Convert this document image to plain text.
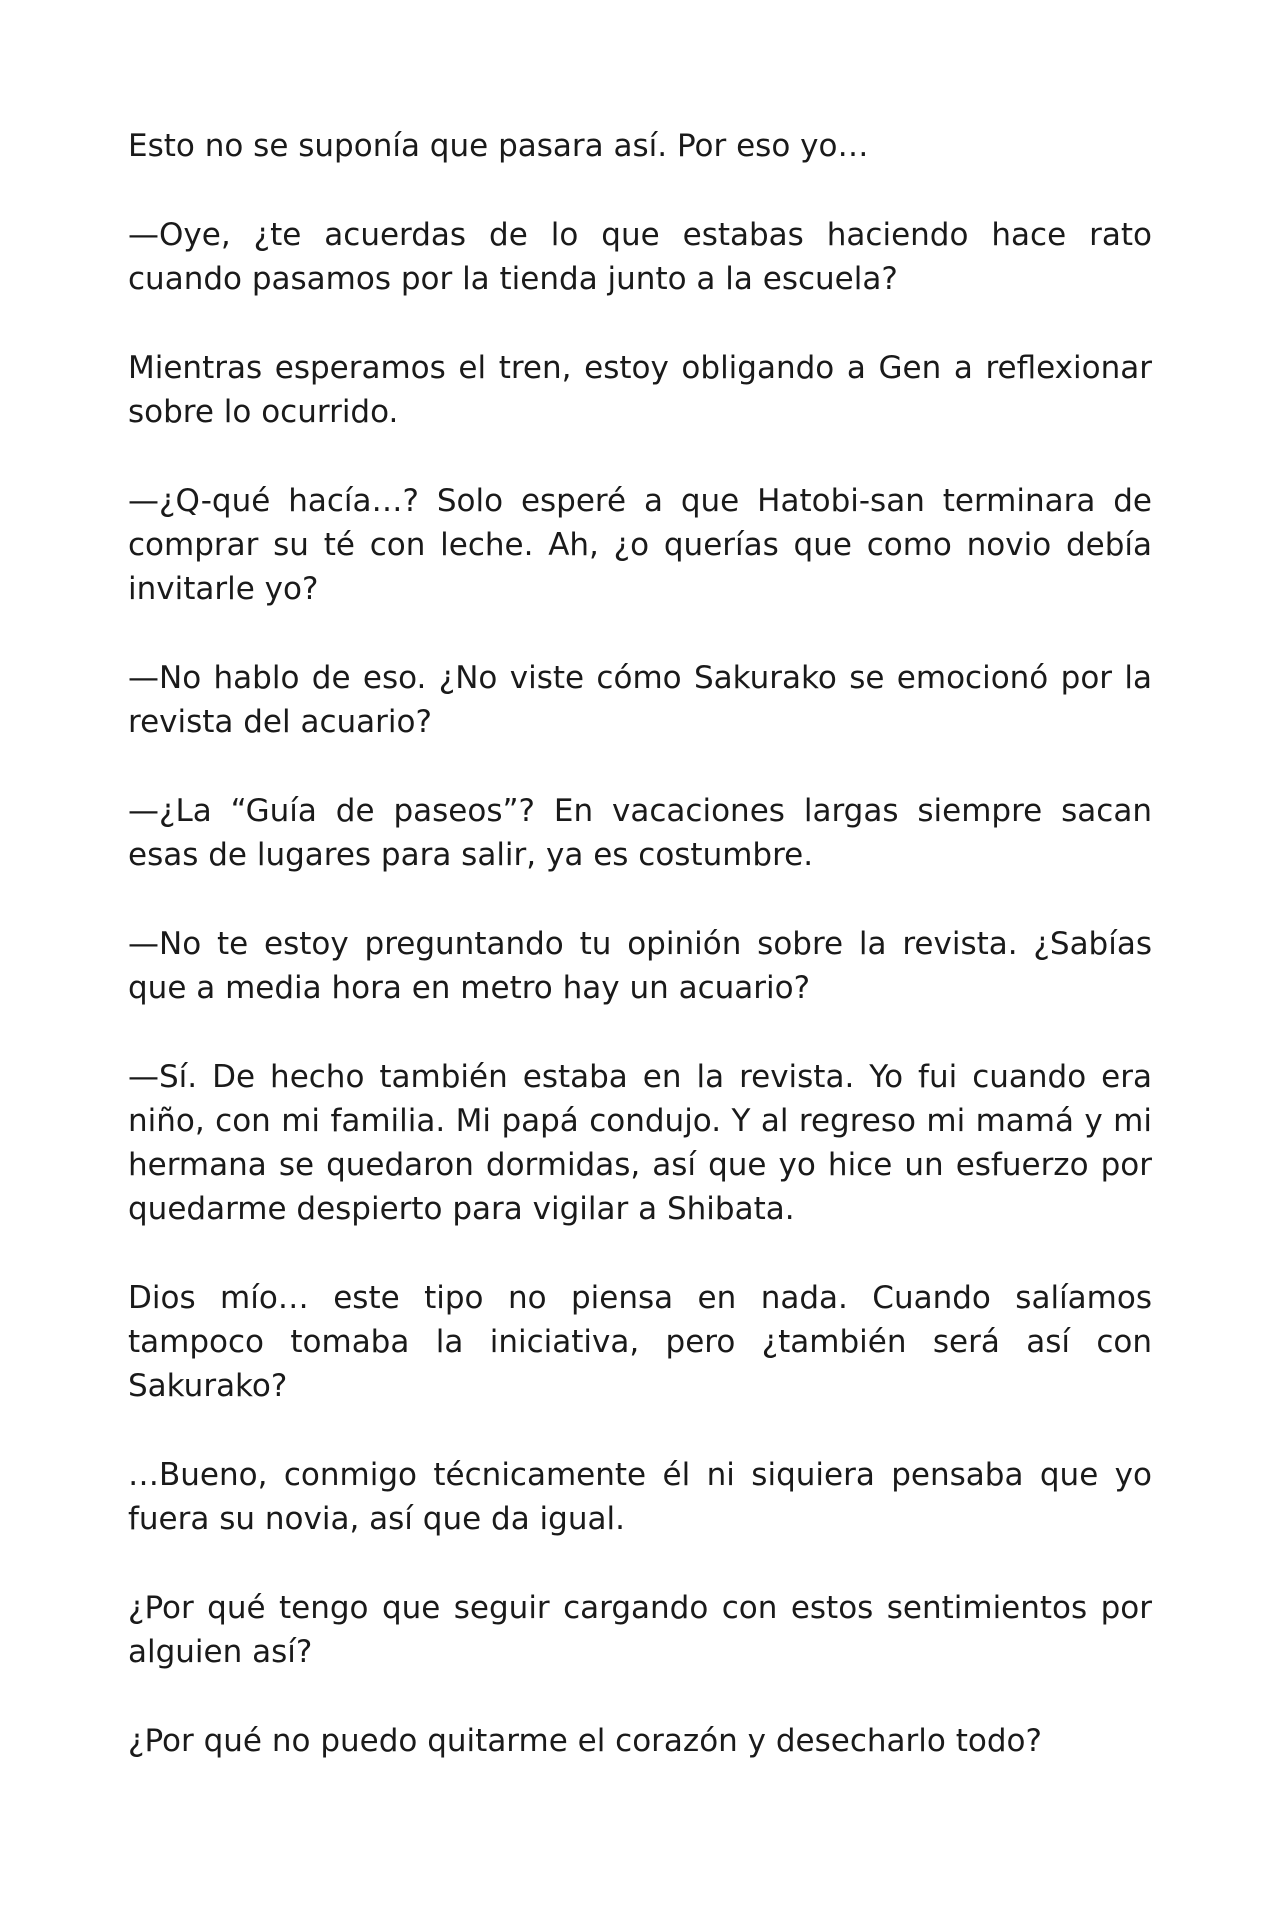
Esto no se suponía que pasara así. Por eso yo…

—Oye, ¿te acuerdas de lo que estabas haciendo hace rato cuando pasamos por la tienda junto a la escuela?

Mientras esperamos el tren, estoy obligando a Gen a reflexionar sobre lo ocurrido.

—¿Q-qué hacía…? Solo esperé a que Hatobi-san terminara de comprar su té con leche. Ah, ¿o querías que como novio debía invitarle yo?

—No hablo de eso. ¿No viste cómo Sakurako se emocionó por la revista del acuario?

—¿La “Guía de paseos”? En vacaciones largas siempre sacan esas de lugares para salir, ya es costumbre.

—No te estoy preguntando tu opinión sobre la revista. ¿Sabías que a media hora en metro hay un acuario?

—Sí. De hecho también estaba en la revista. Yo fui cuando era niño, con mi familia. Mi papá condujo. Y al regreso mi mamá y mi hermana se quedaron dormidas, así que yo hice un esfuerzo por quedarme despierto para vigilar a Shibata.

Dios mío… este tipo no piensa en nada. Cuando salíamos tampoco tomaba la iniciativa, pero ¿también será así con Sakurako?

…Bueno, conmigo técnicamente él ni siquiera pensaba que yo fuera su novia, así que da igual.

¿Por qué tengo que seguir cargando con estos sentimientos por alguien así?

¿Por qué no puedo quitarme el corazón y desecharlo todo?
